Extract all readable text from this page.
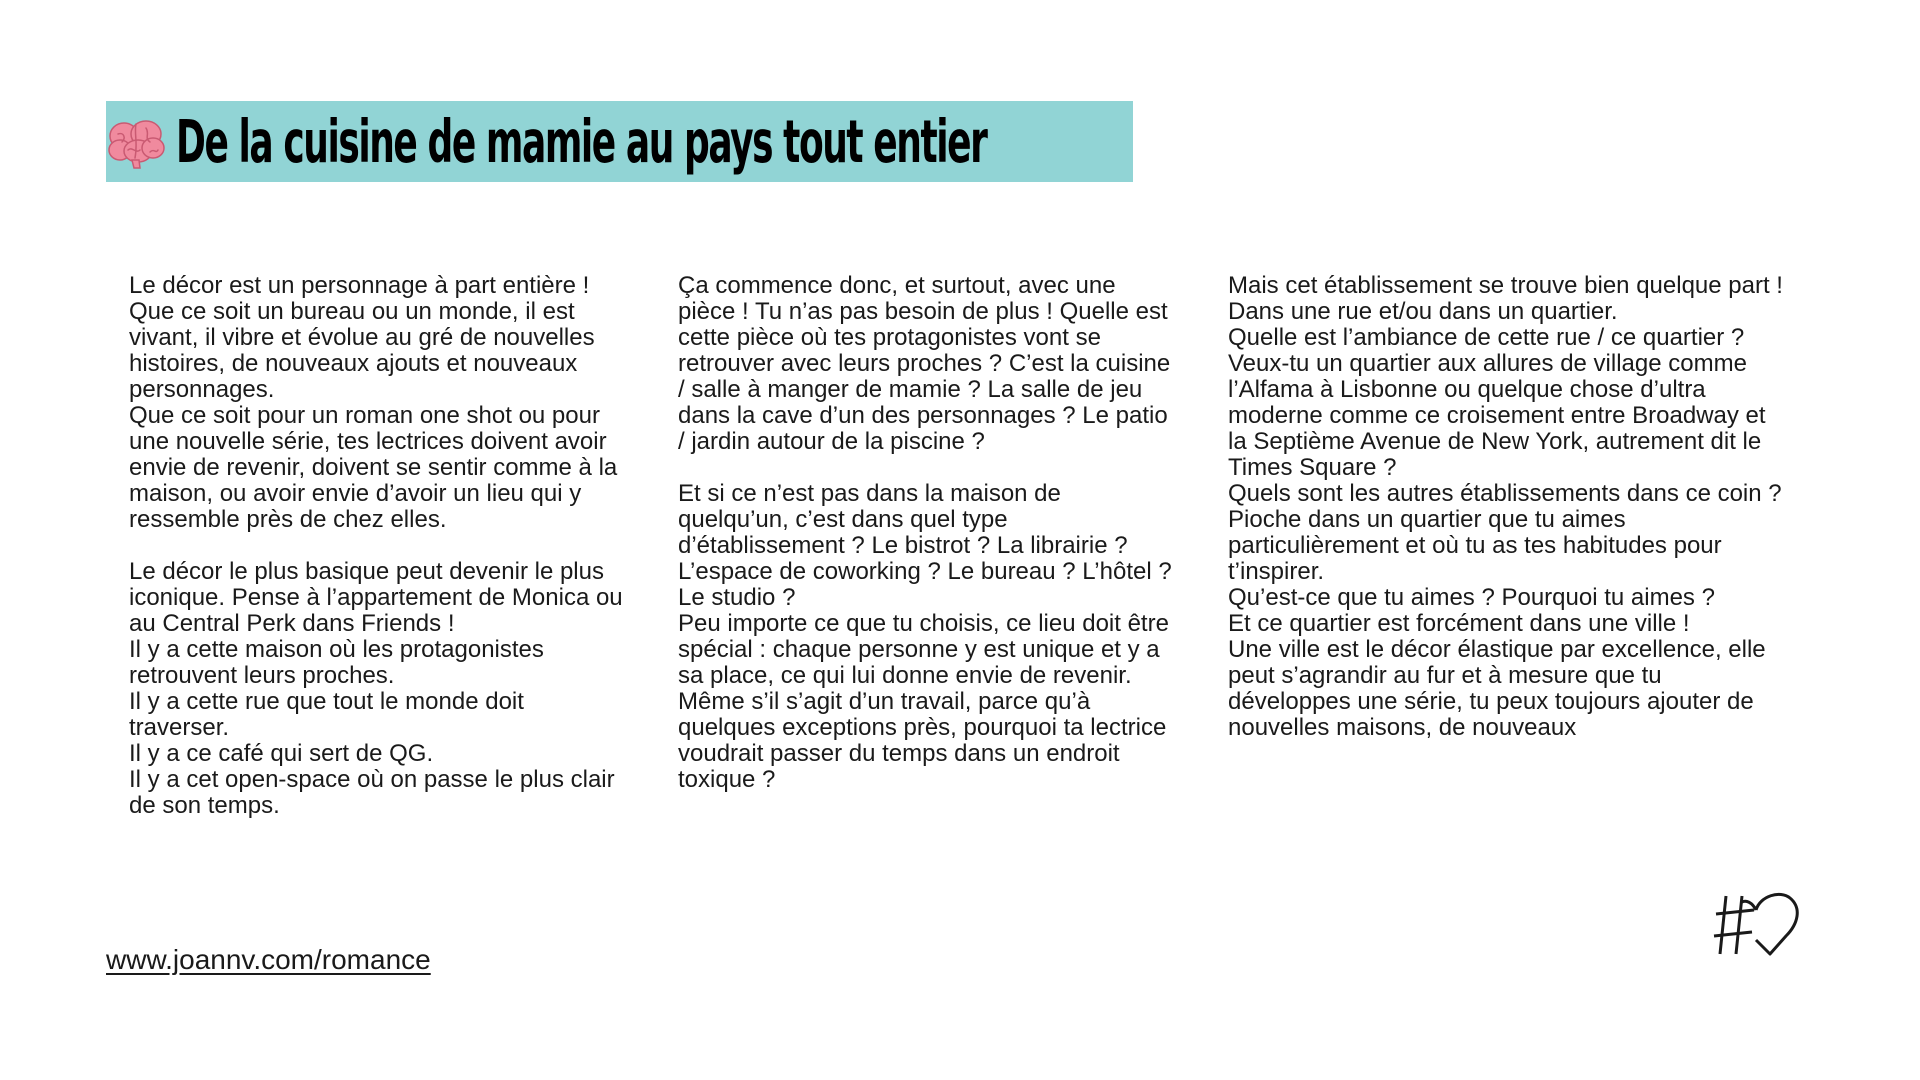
De la cuisine de mamie au pays tout entier

Le décor est un personnage à part entière !

Que ce soit un bureau ou un monde, il est vivant, il vibre et évolue au gré de nouvelles histoires, de nouveaux ajouts et nouveaux personnages.

Que ce soit pour un roman one shot ou pour une nouvelle série, tes lectrices doivent avoir envie de revenir, doivent se sentir comme à la maison, ou avoir envie d’avoir un lieu qui y ressemble près de chez elles.

Le décor le plus basique peut devenir le plus iconique. Pense à l’appartement de Monica ou au Central Perk dans Friends !

Il y a cette maison où les protagonistes retrouvent leurs proches.

Il y a cette rue que tout le monde doit traverser.

Il y a ce café qui sert de QG.

Il y a cet open-space où on passe le plus clair de son temps.

Ça commence donc, et surtout, avec une pièce ! Tu n’as pas besoin de plus ! Quelle est cette pièce où tes protagonistes vont se retrouver avec leurs proches ? C’est la cuisine / salle à manger de mamie ? La salle de jeu dans la cave d’un des personnages ? Le patio / jardin autour de la piscine ?

Et si ce n’est pas dans la maison de quelqu’un, c’est dans quel type d’établissement ? Le bistrot ? La librairie ? L’espace de coworking ? Le bureau ? L’hôtel ? Le studio ?

Peu importe ce que tu choisis, ce lieu doit être spécial : chaque personne y est unique et y a sa place, ce qui lui donne envie de revenir.

Même s’il s’agit d’un travail, parce qu’à quelques exceptions près, pourquoi ta lectrice voudrait passer du temps dans un endroit toxique ?

Mais cet établissement se trouve bien quelque part !

Dans une rue et/ou dans un quartier.

Quelle est l’ambiance de cette rue / ce quartier ? Veux-tu un quartier aux allures de village comme l’Alfama à Lisbonne ou quelque chose d’ultra moderne comme ce croisement entre Broadway et la Septième Avenue de New York, autrement dit le Times Square ?

Quels sont les autres établissements dans ce coin ? Pioche dans un quartier que tu aimes particulièrement et où tu as tes habitudes pour t’inspirer.

Qu’est-ce que tu aimes ? Pourquoi tu aimes ?

Et ce quartier est forcément dans une ville !

Une ville est le décor élastique par excellence, elle peut s’agrandir au fur et à mesure que tu développes une série, tu peux toujours ajouter de nouvelles maisons, de nouveaux

www.joannv.com/romance
